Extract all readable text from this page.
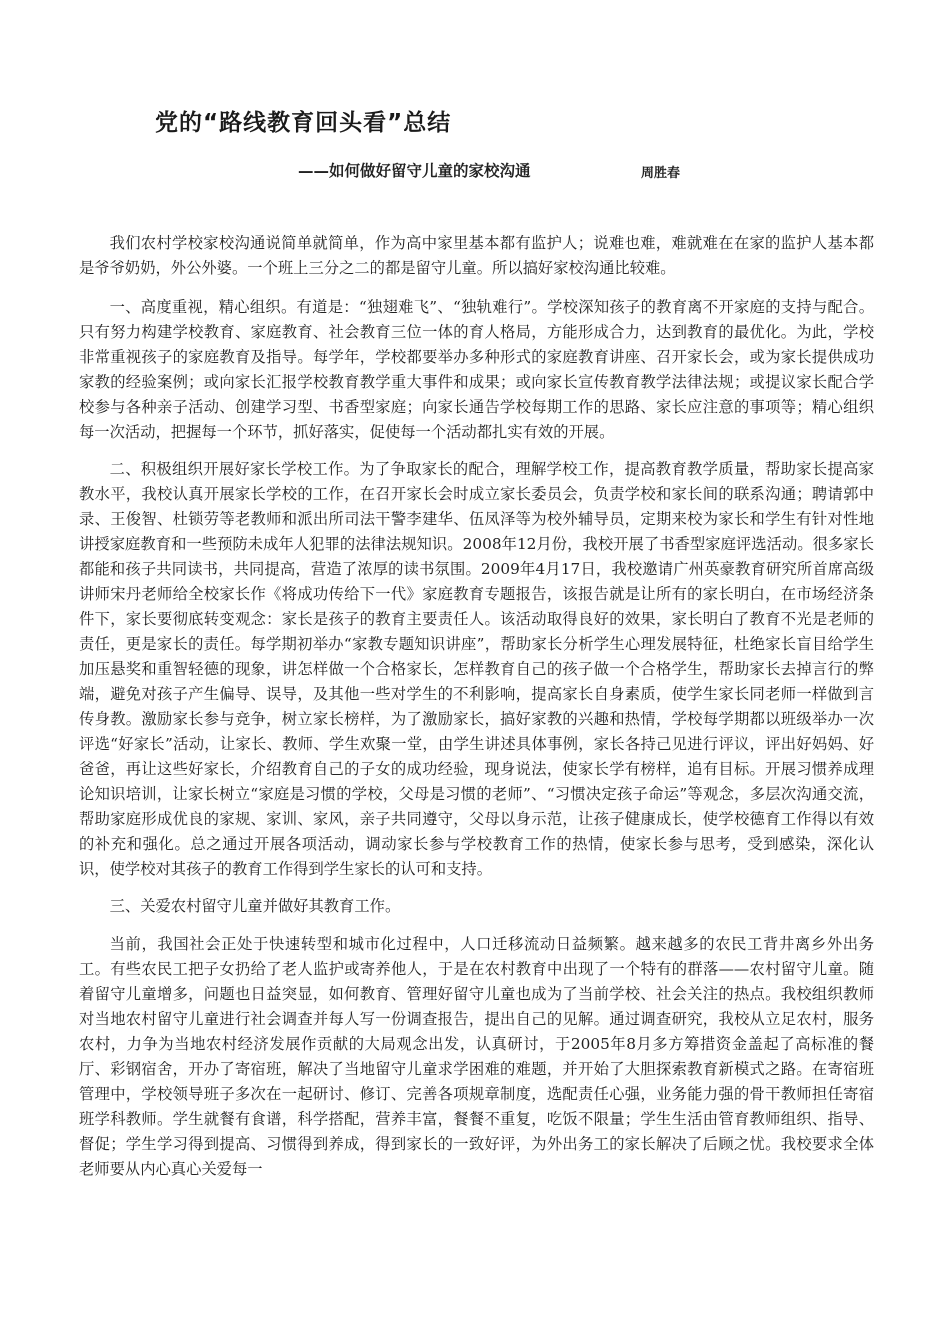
党的“路线教育回头看”总结
——如何做好留守儿童的家校沟通	周胜春

我们农村学校家校沟通说简单就简单，作为高中家里基本都有监护人；说难也难，难就难在在家的监护人基本都是爷爷奶奶，外公外婆。一个班上三分之二的都是留守儿童。所以搞好家校沟通比较难。

一、高度重视，精心组织。有道是：“独翅难飞”、“独轨难行”。学校深知孩子的教育离不开家庭的支持与配合。只有努力构建学校教育、家庭教育、社会教育三位一体的育人格局，方能形成合力，达到教育的最优化。为此，学校非常重视孩子的家庭教育及指导。每学年，学校都要举办多种形式的家庭教育讲座、召开家长会，或为家长提供成功家教的经验案例；或向家长汇报学校教育教学重大事件和成果；或向家长宣传教育教学法律法规；或提议家长配合学校参与各种亲子活动、创建学习型、书香型家庭；向家长通告学校每期工作的思路、家长应注意的事项等；精心组织每一次活动，把握每一个环节，抓好落实，促使每一个活动都扎实有效的开展。

二、积极组织开展好家长学校工作。为了争取家长的配合，理解学校工作，提高教育教学质量，帮助家长提高家教水平，我校认真开展家长学校的工作，在召开家长会时成立家长委员会，负责学校和家长间的联系沟通；聘请郭中录、王俊智、杜锁劳等老教师和派出所司法干警李建华、伍凤泽等为校外辅导员，定期来校为家长和学生有针对性地讲授家庭教育和一些预防未成年人犯罪的法律法规知识。2008年12月份，我校开展了书香型家庭评选活动。很多家长都能和孩子共同读书，共同提高，营造了浓厚的读书氛围。2009年4月17日，我校邀请广州英豪教育研究所首席高级讲师宋丹老师给全校家长作《将成功传给下一代》家庭教育专题报告，该报告就是让所有的家长明白，在市场经济条件下，家长要彻底转变观念：家长是孩子的教育主要责任人。该活动取得良好的效果，家长明白了教育不光是老师的责任，更是家长的责任。每学期初举办“家教专题知识讲座”，帮助家长分析学生心理发展特征，杜绝家长盲目给学生加压悬奖和重智轻德的现象，讲怎样做一个合格家长，怎样教育自己的孩子做一个合格学生，帮助家长去掉言行的弊端，避免对孩子产生偏导、误导，及其他一些对学生的不利影响，提高家长自身素质，使学生家长同老师一样做到言传身教。激励家长参与竞争，树立家长榜样，为了激励家长，搞好家教的兴趣和热情，学校每学期都以班级举办一次评选“好家长”活动，让家长、教师、学生欢聚一堂，由学生讲述具体事例，家长各持己见进行评议，评出好妈妈、好爸爸，再让这些好家长，介绍教育自己的子女的成功经验，现身说法，使家长学有榜样，追有目标。开展习惯养成理论知识培训，让家长树立“家庭是习惯的学校，父母是习惯的老师”、“习惯决定孩子命运”等观念，多层次沟通交流，帮助家庭形成优良的家规、家训、家风，亲子共同遵守，父母以身示范，让孩子健康成长，使学校德育工作得以有效的补充和强化。总之通过开展各项活动，调动家长参与学校教育工作的热情，使家长参与思考，受到感染，深化认识，使学校对其孩子的教育工作得到学生家长的认可和支持。

三、关爱农村留守儿童并做好其教育工作。

当前，我国社会正处于快速转型和城市化过程中，人口迁移流动日益频繁。越来越多的农民工背井离乡外出务工。有些农民工把子女扔给了老人监护或寄养他人，于是在农村教育中出现了一个特有的群落——农村留守儿童。随着留守儿童增多，问题也日益突显，如何教育、管理好留守儿童也成为了当前学校、社会关注的热点。我校组织教师对当地农村留守儿童进行社会调查并每人写一份调查报告，提出自己的见解。通过调查研究，我校从立足农村，服务农村，力争为当地农村经济发展作贡献的大局观念出发，认真研讨，于2005年8月多方筹措资金盖起了高标准的餐厅、彩钢宿舍，开办了寄宿班，解决了当地留守儿童求学困难的难题，并开始了大胆探索教育新模式之路。在寄宿班管理中，学校领导班子多次在一起研讨、修订、完善各项规章制度，选配责任心强，业务能力强的骨干教师担任寄宿班学科教师。学生就餐有食谱，科学搭配，营养丰富，餐餐不重复，吃饭不限量；学生生活由管育教师组织、指导、督促；学生学习得到提高、习惯得到养成，得到家长的一致好评，为外出务工的家长解决了后顾之忧。我校要求全体老师要从内心真心关爱每一
